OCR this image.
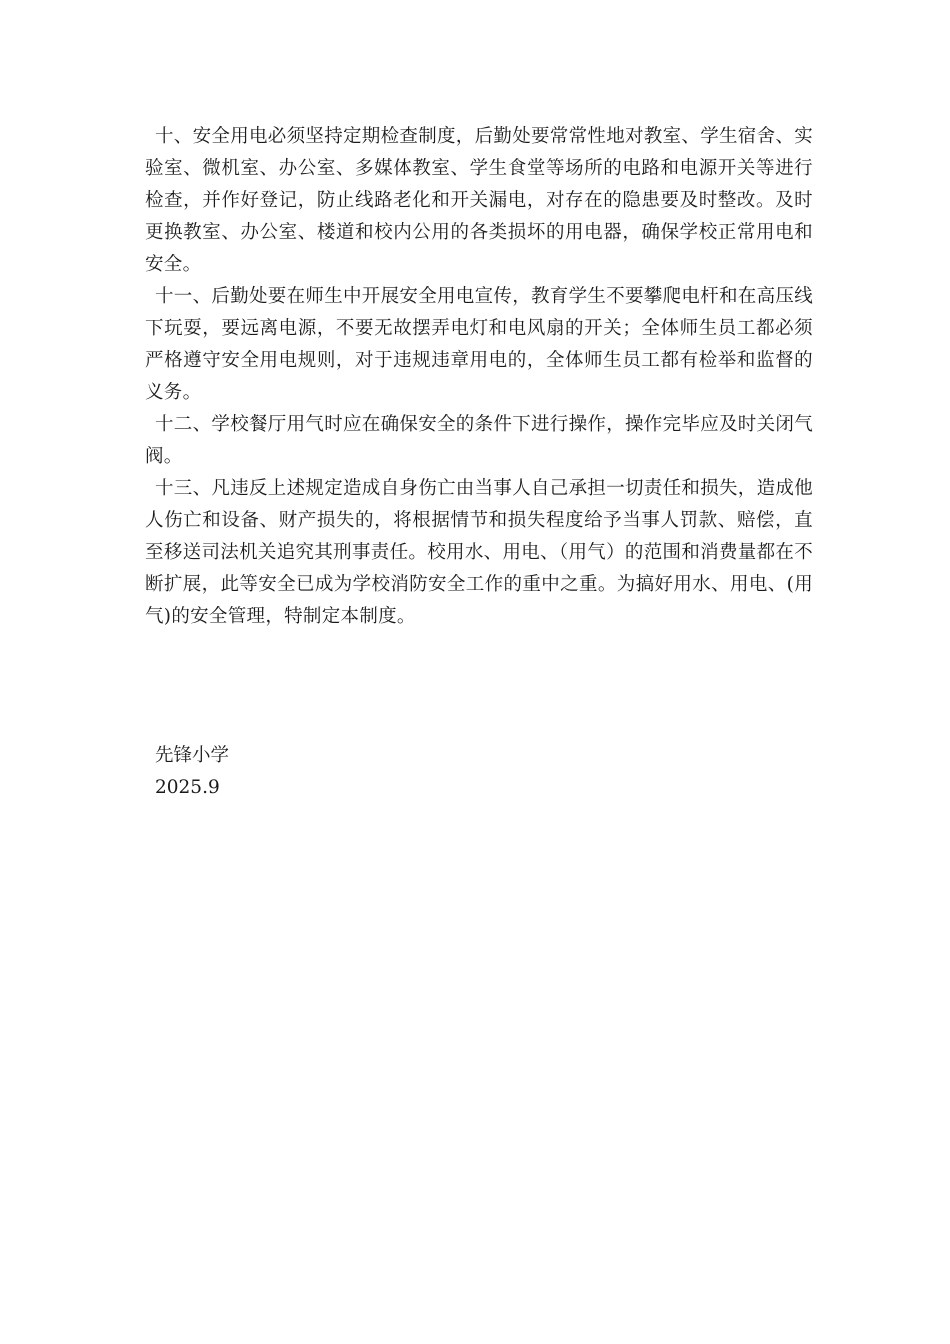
十、安全用电必须坚持定期检查制度，后勤处要常常性地对教室、学生宿舍、实验室、微机室、办公室、多媒体教室、学生食堂等场所的电路和电源开关等进行检查，并作好登记，防止线路老化和开关漏电，对存在的隐患要及时整改。及时更换教室、办公室、楼道和校内公用的各类损坏的用电器，确保学校正常用电和安全。

十一、后勤处要在师生中开展安全用电宣传，教育学生不要攀爬电杆和在高压线下玩耍，要远离电源，不要无故摆弄电灯和电风扇的开关；全体师生员工都必须严格遵守安全用电规则，对于违规违章用电的，全体师生员工都有检举和监督的义务。

十二、学校餐厅用气时应在确保安全的条件下进行操作，操作完毕应及时关闭气阀。

十三、凡违反上述规定造成自身伤亡由当事人自己承担一切责任和损失，造成他人伤亡和设备、财产损失的，将根据情节和损失程度给予当事人罚款、赔偿，直至移送司法机关追究其刑事责任。校用水、用电、（用气）的范围和消费量都在不断扩展，此等安全已成为学校消防安全工作的重中之重。为搞好用水、用电、(用气)的安全管理，特制定本制度。

先锋小学
2025.9
